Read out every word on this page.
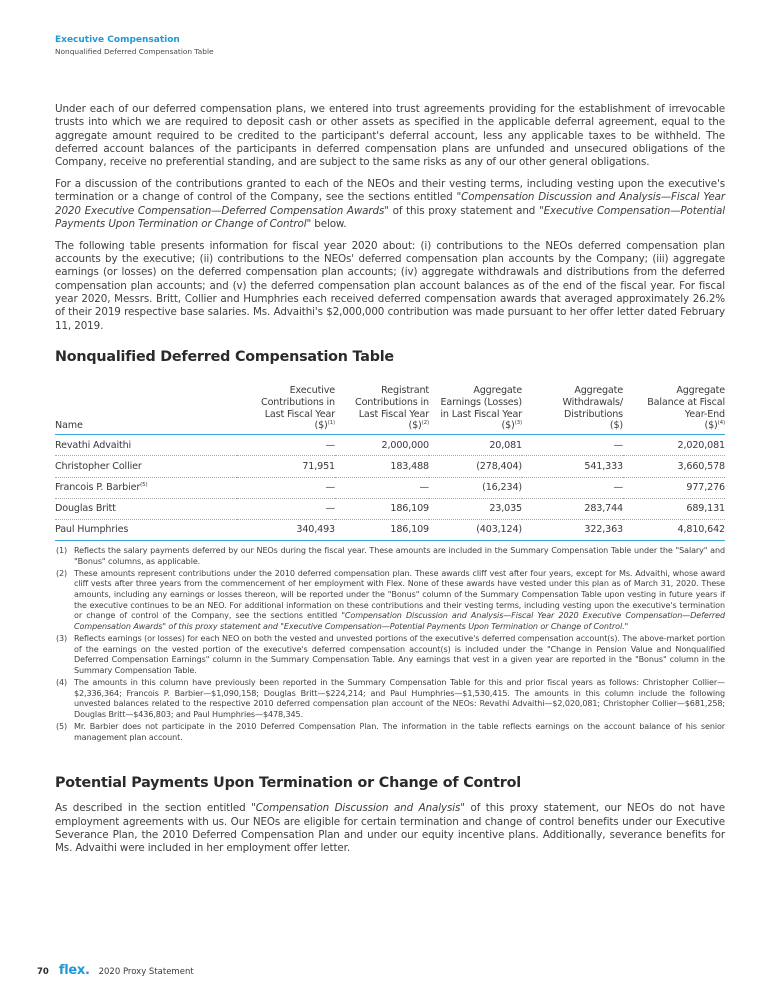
Executive Compensation
Nonqualified Deferred Compensation Table

Under each of our deferred compensation plans, we entered into trust agreements providing for the establishment of irrevocable trusts into which we are required to deposit cash or other assets as specified in the applicable deferral agreement, equal to the aggregate amount required to be credited to the participant's deferral account, less any applicable taxes to be withheld. The deferred account balances of the participants in deferred compensation plans are unfunded and unsecured obligations of the Company, receive no preferential standing, and are subject to the same risks as any of our other general obligations.

For a discussion of the contributions granted to each of the NEOs and their vesting terms, including vesting upon the executive's termination or a change of control of the Company, see the sections entitled "Compensation Discussion and Analysis—Fiscal Year 2020 Executive Compensation—Deferred Compensation Awards" of this proxy statement and "Executive Compensation—Potential Payments Upon Termination or Change of Control" below.

The following table presents information for fiscal year 2020 about: (i) contributions to the NEOs deferred compensation plan accounts by the executive; (ii) contributions to the NEOs' deferred compensation plan accounts by the Company; (iii) aggregate earnings (or losses) on the deferred compensation plan accounts; (iv) aggregate withdrawals and distributions from the deferred compensation plan accounts; and (v) the deferred compensation plan account balances as of the end of the fiscal year. For fiscal year 2020, Messrs. Britt, Collier and Humphries each received deferred compensation awards that averaged approximately 26.2% of their 2019 respective base salaries. Ms. Advaithi's $2,000,000 contribution was made pursuant to her offer letter dated February 11, 2019.

Nonqualified Deferred Compensation Table
Name	Executive
Contributions in
Last Fiscal Year
($)$^{(1)}$	Registrant
Contributions in
Last Fiscal Year
($)$^{(2)}$	Aggregate
Earnings (Losses)
in Last Fiscal Year
($)$^{(3)}$	Aggregate
Withdrawals/
Distributions
($)	Aggregate
Balance at Fiscal
Year-End
($)$^{(4)}$
Revathi Advaithi	—	2,000,000	20,081	—	2,020,081
Christopher Collier	71,951	183,488	(278,404)	541,333	3,660,578
Francois P. Barbier$^{(5)}$	—	—	(16,234)	—	977,276
Douglas Britt	—	186,109	23,035	283,744	689,131
Paul Humphries	340,493	186,109	(403,124)	322,363	4,810,642
(1) Reflects the salary payments deferred by our NEOs during the fiscal year. These amounts are included in the Summary Compensation Table under the "Salary" and "Bonus" columns, as applicable.
(2) These amounts represent contributions under the 2010 deferred compensation plan. These awards cliff vest after four years, except for Ms. Advaithi, whose award cliff vests after three years from the commencement of her employment with Flex. None of these awards have vested under this plan as of March 31, 2020. These amounts, including any earnings or losses thereon, will be reported under the "Bonus" column of the Summary Compensation Table upon vesting in future years if the executive continues to be an NEO. For additional information on these contributions and their vesting terms, including vesting upon the executive's termination or change of control of the Company, see the sections entitled "Compensation Discussion and Analysis—Fiscal Year 2020 Executive Compensation—Deferred Compensation Awards" of this proxy statement and "Executive Compensation—Potential Payments Upon Termination or Change of Control."
(3) Reflects earnings (or losses) for each NEO on both the vested and unvested portions of the executive's deferred compensation account(s). The above-market portion of the earnings on the vested portion of the executive's deferred compensation account(s) is included under the "Change in Pension Value and Nonqualified Deferred Compensation Earnings" column in the Summary Compensation Table. Any earnings that vest in a given year are reported in the "Bonus" column in the Summary Compensation Table.
(4) The amounts in this column have previously been reported in the Summary Compensation Table for this and prior fiscal years as follows: Christopher Collier—$2,336,364; Francois P. Barbier—$1,090,158; Douglas Britt—$224,214; and Paul Humphries—$1,530,415. The amounts in this column include the following unvested balances related to the respective 2010 deferred compensation plan account of the NEOs: Revathi Advaithi—$2,020,081; Christopher Collier—$681,258; Douglas Britt—$436,803; and Paul Humphries—$478,345.
(5) Mr. Barbier does not participate in the 2010 Deferred Compensation Plan. The information in the table reflects earnings on the account balance of his senior management plan account.
Potential Payments Upon Termination or Change of Control

As described in the section entitled "Compensation Discussion and Analysis" of this proxy statement, our NEOs do not have employment agreements with us. Our NEOs are eligible for certain termination and change of control benefits under our Executive Severance Plan, the 2010 Deferred Compensation Plan and under our equity incentive plans. Additionally, severance benefits for Ms. Advaithi were included in her employment offer letter.

70 flex. 2020 Proxy Statement
